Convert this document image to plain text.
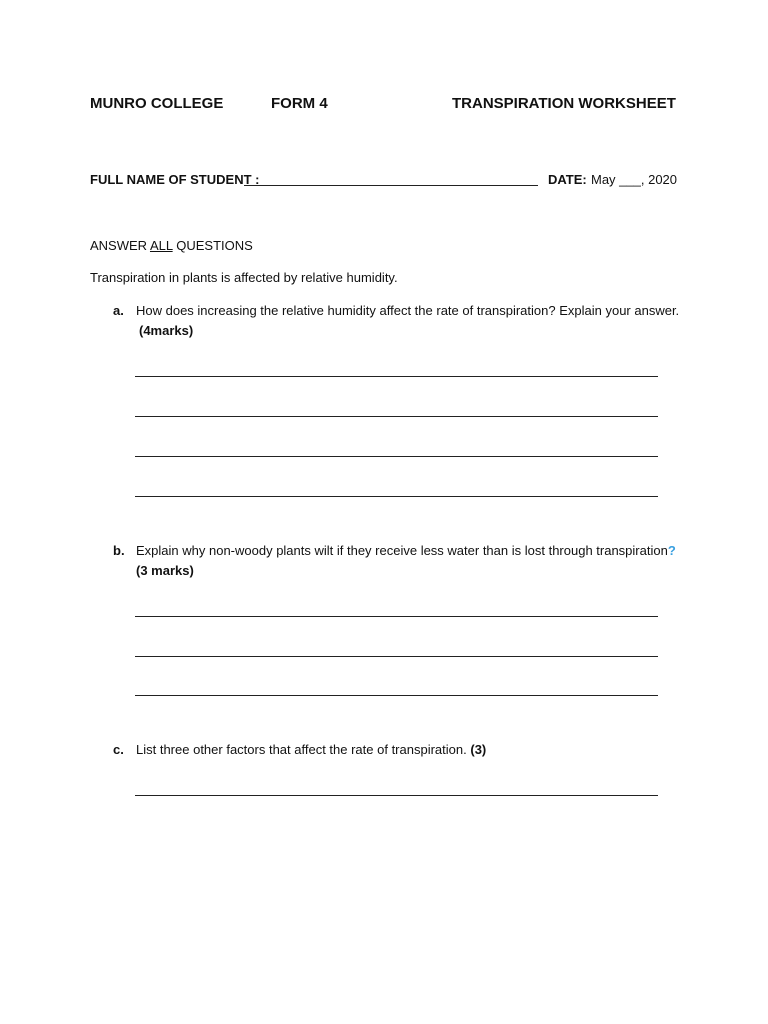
MUNRO COLLEGE	FORM 4	TRANSPIRATION WORKSHEET
FULL NAME OF STUDENT :	DATE: May ___, 2020
ANSWER ALL QUESTIONS
Transpiration in plants is affected by relative humidity.
a. How does increasing the relative humidity affect the rate of transpiration? Explain your answer.
(4marks)
b. Explain why non-woody plants wilt if they receive less water than is lost through transpiration?
(3 marks)
c. List three other factors that affect the rate of transpiration. (3)
